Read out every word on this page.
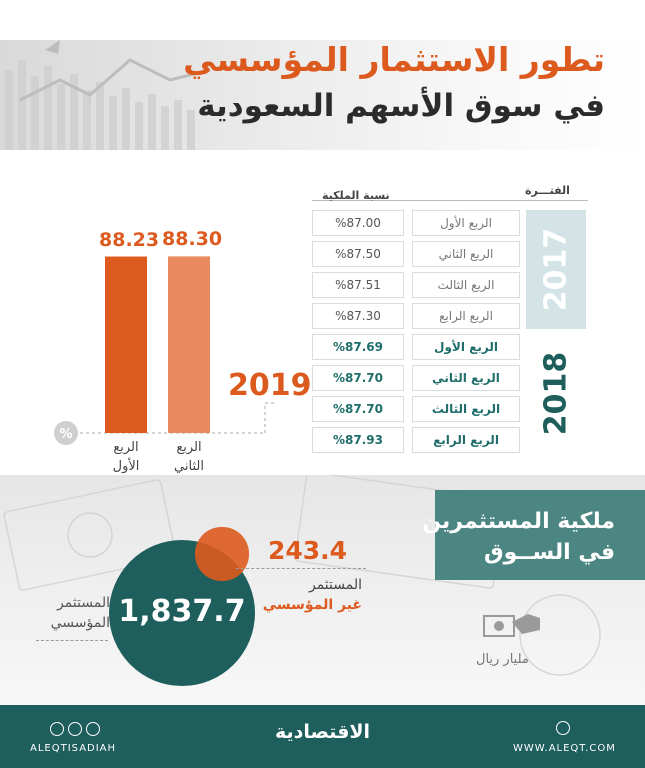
تطور الاستثمار المؤسسي
في سوق الأسهم السعودية
الفتـــرة
نسبة الملكية
%87.00	الربع الأول
%87.50	الربع الثاني
%87.51	الربع الثالث
%87.30	الربع الرابع
2017
%87.69	الربع الأول
%87.70	الربع الثاني
%87.70	الربع الثالث
%87.93	الربع الرابع
2018
%
2019
88.23
الربع
الأول
88.30
الربع
الثاني
ملكية المستثمرين
في الســوق
1,837.7
243.4
المستثمر
غير المؤسسي
المستثمر
المؤسسي
مليار ريال
ALEQTISADIAH
الاقتصادية
WWW.ALEQT.COM
